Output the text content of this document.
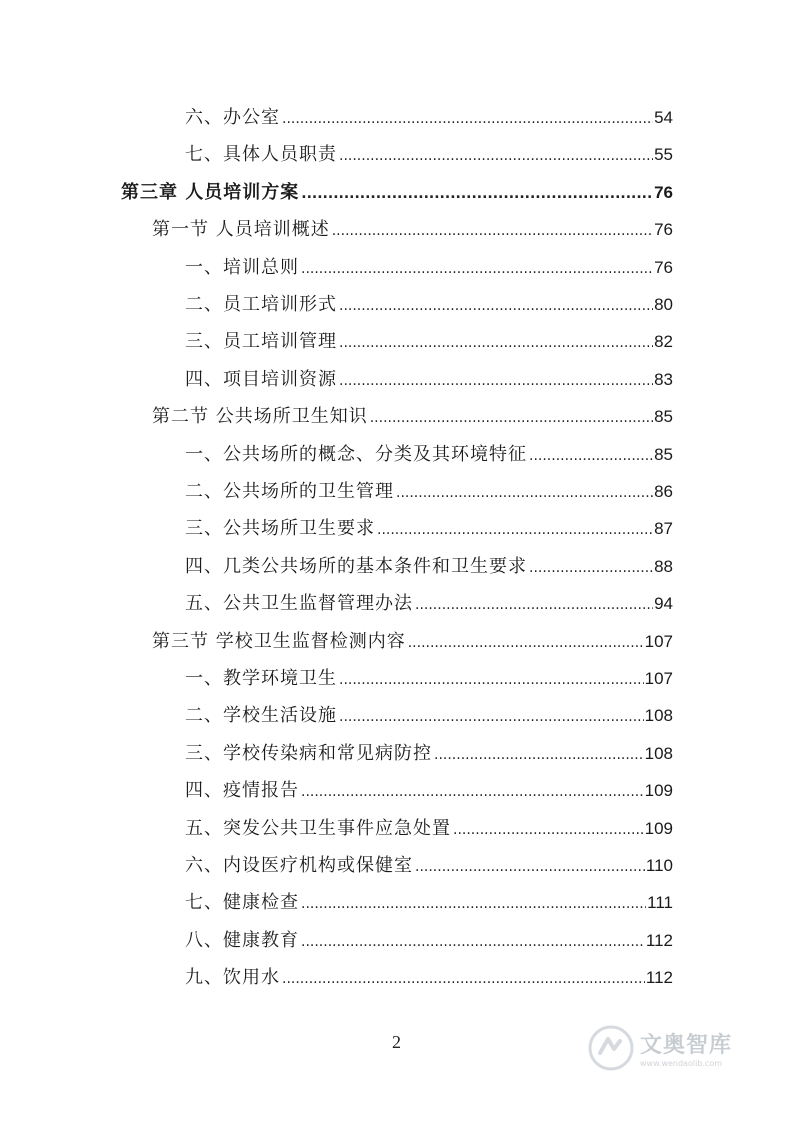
六、办公室 .....	54
七、具体人员职责 .....	55
第三章 人员培训方案 .....	76
第一节 人员培训概述 .....	76
一、培训总则 .....	76
二、员工培训形式 .....	80
三、员工培训管理 .....	82
四、项目培训资源 .....	83
第二节 公共场所卫生知识 .....	85
一、公共场所的概念、分类及其环境特征 .....	85
二、公共场所的卫生管理 .....	86
三、公共场所卫生要求 .....	87
四、几类公共场所的基本条件和卫生要求 .....	88
五、公共卫生监督管理办法 .....	94
第三节 学校卫生监督检测内容 .....	107
一、教学环境卫生 .....	107
二、学校生活设施 .....	108
三、学校传染病和常见病防控 .....	108
四、疫情报告 .....	109
五、突发公共卫生事件应急处置 .....	109
六、内设医疗机构或保健室 .....	110
七、健康检查 .....	111
八、健康教育 .....	112
九、饮用水 .....	112
2	文奥智库
www.wendaolib.com
